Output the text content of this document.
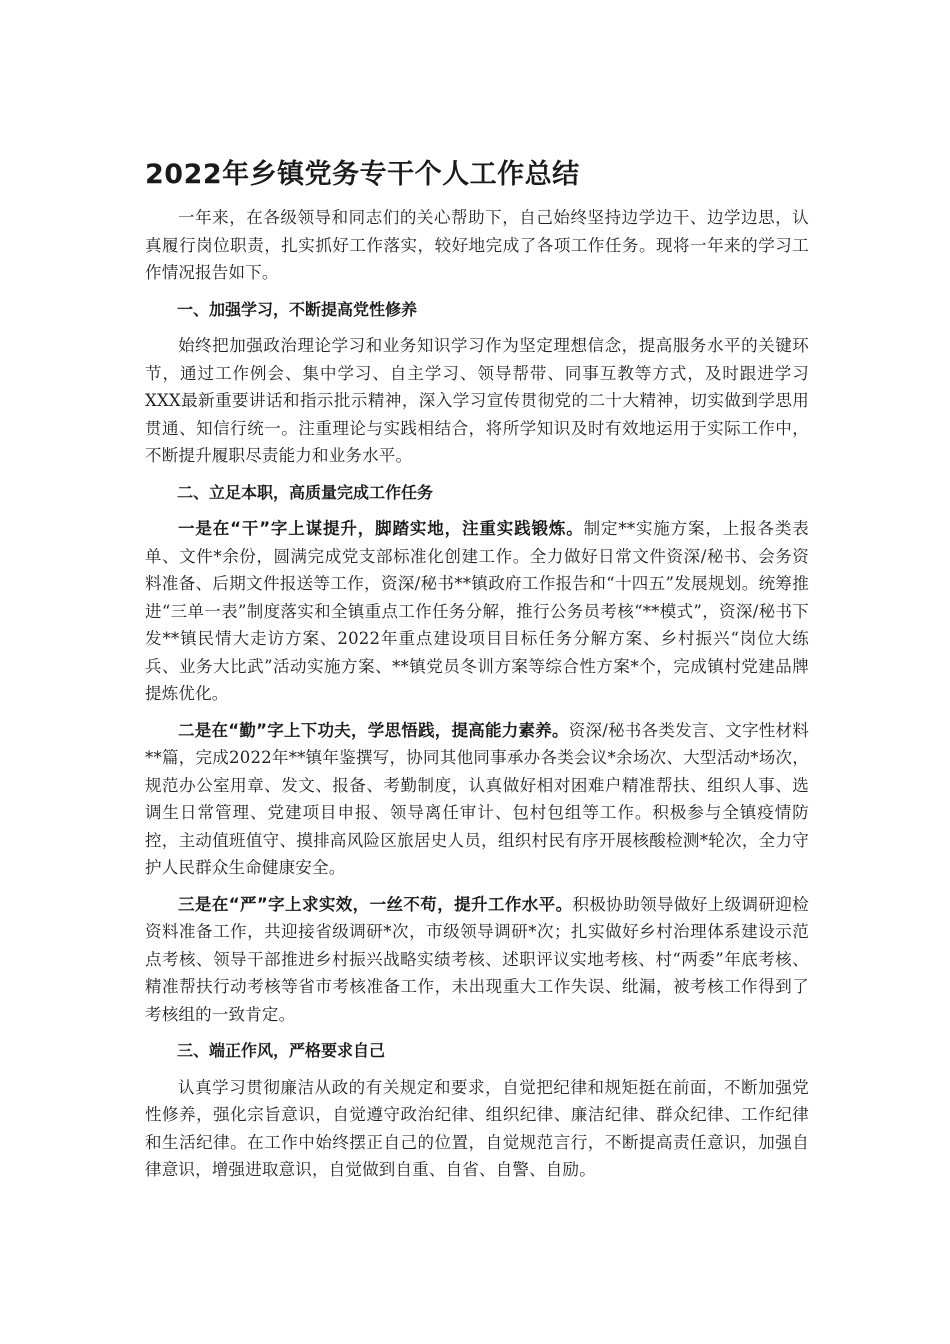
2022年乡镇党务专干个人工作总结

一年来，在各级领导和同志们的关心帮助下，自己始终坚持边学边干、边学边思，认真履行岗位职责，扎实抓好工作落实，较好地完成了各项工作任务。现将一年来的学习工作情况报告如下。

一、加强学习，不断提高党性修养

始终把加强政治理论学习和业务知识学习作为坚定理想信念，提高服务水平的关键环节，通过工作例会、集中学习、自主学习、领导帮带、同事互教等方式，及时跟进学习XXX最新重要讲话和指示批示精神，深入学习宣传贯彻党的二十大精神，切实做到学思用贯通、知信行统一。注重理论与实践相结合，将所学知识及时有效地运用于实际工作中，不断提升履职尽责能力和业务水平。

二、立足本职，高质量完成工作任务

一是在“干”字上谋提升，脚踏实地，注重实践锻炼。制定**实施方案，上报各类表单、文件*余份，圆满完成党支部标准化创建工作。全力做好日常文件资深/秘书、会务资料准备、后期文件报送等工作，资深/秘书**镇政府工作报告和“十四五”发展规划。统筹推进“三单一表”制度落实和全镇重点工作任务分解，推行公务员考核“**模式”，资深/秘书下发**镇民情大走访方案、2022年重点建设项目目标任务分解方案、乡村振兴“岗位大练兵、业务大比武”活动实施方案、**镇党员冬训方案等综合性方案*个，完成镇村党建品牌提炼优化。

二是在“勤”字上下功夫，学思悟践，提高能力素养。资深/秘书各类发言、文字性材料**篇，完成2022年**镇年鉴撰写，协同其他同事承办各类会议*余场次、大型活动*场次，规范办公室用章、发文、报备、考勤制度，认真做好相对困难户精准帮扶、组织人事、选调生日常管理、党建项目申报、领导离任审计、包村包组等工作。积极参与全镇疫情防控，主动值班值守、摸排高风险区旅居史人员，组织村民有序开展核酸检测*轮次，全力守护人民群众生命健康安全。

三是在“严”字上求实效，一丝不苟，提升工作水平。积极协助领导做好上级调研迎检资料准备工作，共迎接省级调研*次，市级领导调研*次；扎实做好乡村治理体系建设示范点考核、领导干部推进乡村振兴战略实绩考核、述职评议实地考核、村“两委”年底考核、精准帮扶行动考核等省市考核准备工作，未出现重大工作失误、纰漏，被考核工作得到了考核组的一致肯定。

三、端正作风，严格要求自己

认真学习贯彻廉洁从政的有关规定和要求，自觉把纪律和规矩挺在前面，不断加强党性修养，强化宗旨意识，自觉遵守政治纪律、组织纪律、廉洁纪律、群众纪律、工作纪律和生活纪律。在工作中始终摆正自己的位置，自觉规范言行，不断提高责任意识，加强自律意识，增强进取意识，自觉做到自重、自省、自警、自励。
